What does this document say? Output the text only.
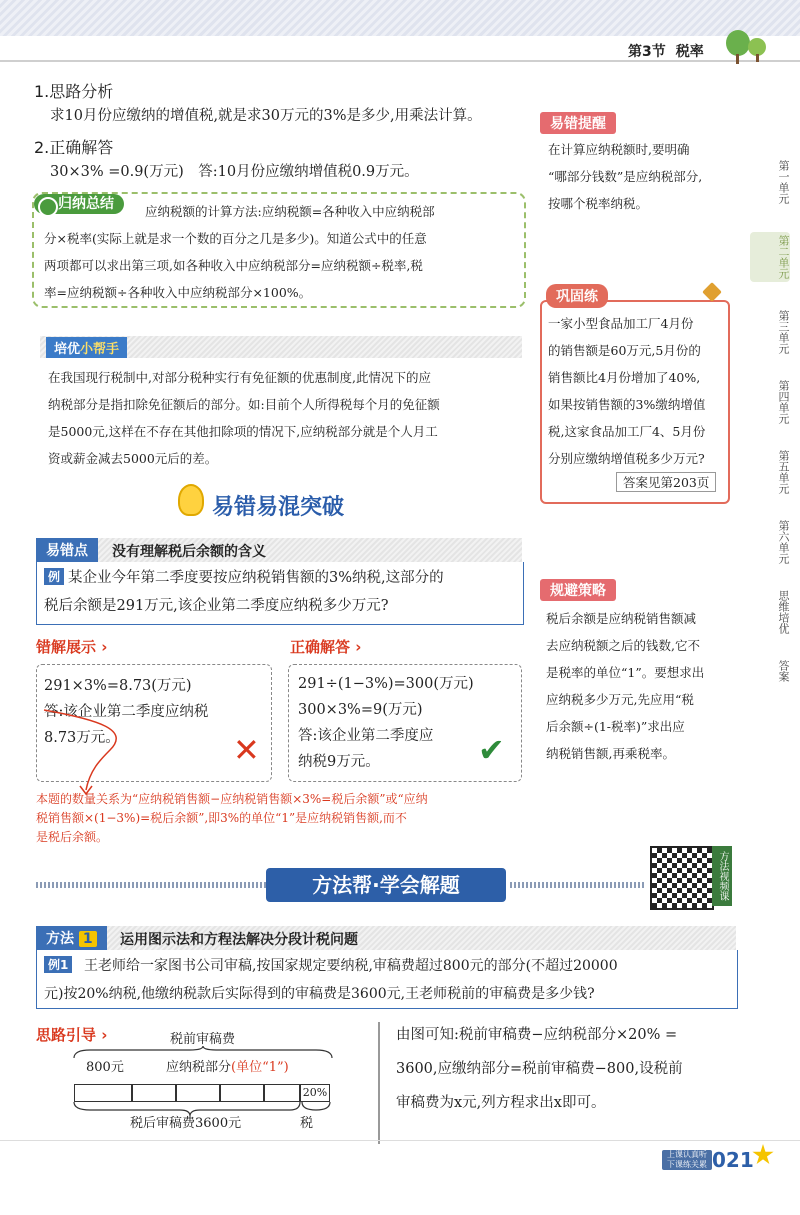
第3节 税率
第一单元
第二单元
第三单元
第四单元
第五单元
第六单元
思维培优
答案
1.思路分析
求10月份应缴纳的增值税,就是求30万元的3%是多少,用乘法计算。
2.正确解答
30×3% =0.9(万元)　答:10月份应缴纳增值税0.9万元。
归纳总结	应纳税额的计算方法:应纳税额=各种收入中应纳税部
分×税率(实际上就是求一个数的百分之几是多少)。知道公式中的任意
两项都可以求出第三项,如各种收入中应纳税部分=应纳税额÷税率,税
率=应纳税额÷各种收入中应纳税部分×100%。
培优小帮手
在我国现行税制中,对部分税种实行有免征额的优惠制度,此情况下的应
纳税部分是指扣除免征额后的部分。如:目前个人所得税每个月的免征额
是5000元,这样在不存在其他扣除项的情况下,应纳税部分就是个人月工
资或薪金减去5000元后的差。
易错提醒
在计算应纳税额时,要明确
“哪部分钱数”是应纳税部分,
按哪个税率纳税。
巩固练
一家小型食品加工厂4月份
的销售额是60万元,5月份的
销售额比4月份增加了40%,
如果按销售额的3%缴纳增值
税,这家食品加工厂4、5月份
分别应缴纳增值税多少万元?
答案见第203页
规避策略
税后余额是应纳税销售额减
去应纳税额之后的钱数,它不
是税率的单位“1”。要想求出
应纳税多少万元,先应用“税
后余额÷(1-税率)”求出应
纳税销售额,再乘税率。
易错易混突破
易错点	没有理解税后余额的含义
例 某企业今年第二季度要按应纳税销售额的3%纳税,这部分的
税后余额是291万元,该企业第二季度应纳税多少万元?
错解展示 ›	正确解答 ›
291×3%=8.73(万元)
答:该企业第二季度应纳税
8.73万元。	✕
291÷(1−3%)=300(万元)
300×3%=9(万元)
答:该企业第二季度应
纳税9万元。	✔
本题的数量关系为“应纳税销售额−应纳税销售额×3%=税后余额”或“应纳
税销售额×(1−3%)=税后余额”,即3%的单位“1”是应纳税销售额,而不
是税后余额。
方法帮·学会解题	方法视频课
方法 1	运用图示法和方程法解决分段计税问题
例1 王老师给一家图书公司审稿,按国家规定要纳税,审稿费超过800元的部分(不超过20000
元)按20%纳税,他缴纳税款后实际得到的审稿费是3600元,王老师税前的审稿费是多少钱?
思路引导 ›	税前审稿费
800元	应纳税部分(单位“1”)
20%
税后审稿费3600元	税
由图可知:税前审稿费−应纳税部分×20% =
3600,应缴纳部分=税前审稿费−800,设税前
审稿费为x元,列方程求出x即可。
上课认真听
下课练关累 021
